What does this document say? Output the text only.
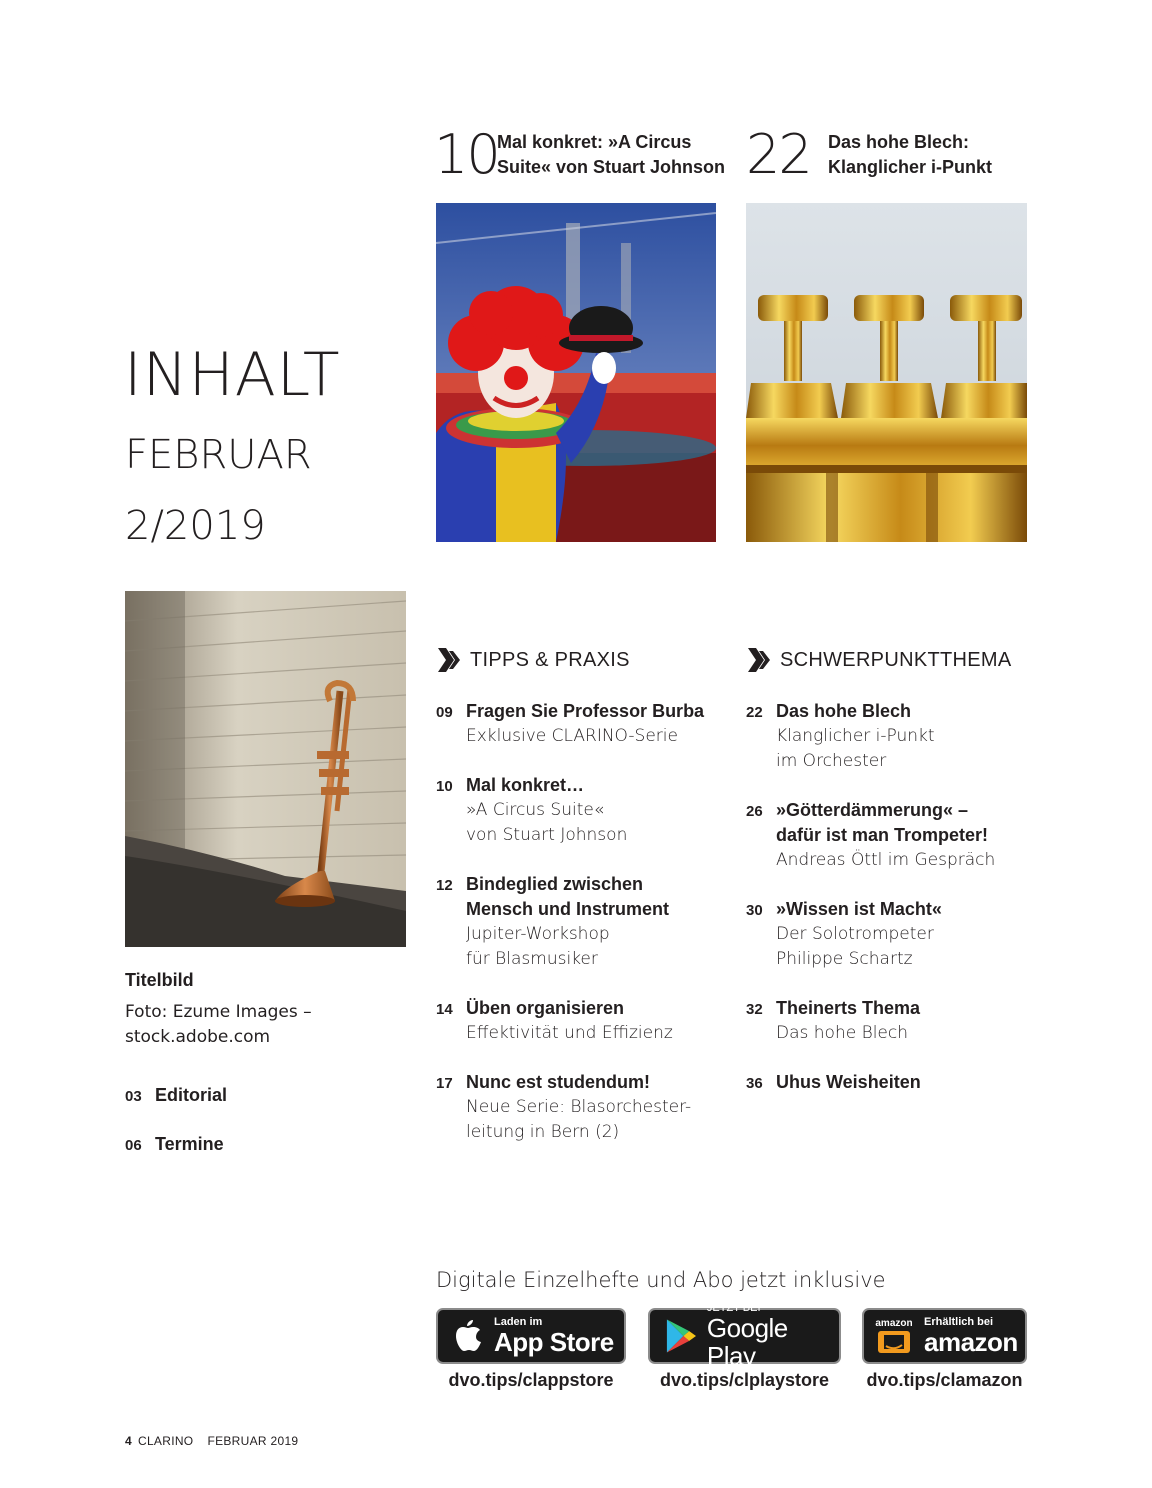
10
Mal konkret: »A Circus
Suite« von Stuart Johnson 22 Das hohe Blech:
Klanglicher i-Punkt
INHALT
FEBRUAR
2/2019
Titelbild
Foto: Ezume Images –
stock.adobe.com
03 Editorial
06 Termine
TIPPS & PRAXIS
09 Fragen Sie Professor Burba
Exklusive CLARINO-Serie
10 Mal konkret…
»A Circus Suite«
von Stuart Johnson
12 Bindeglied zwischen
Mensch und Instrument
Jupiter-Workshop
für Blasmusiker
14 Üben organisieren
Effektivität und Effizienz
17 Nunc est studendum!
Neue Serie: Blasorchester-
leitung in Bern (2)
SCHWERPUNKTTHEMA
22 Das hohe Blech
Klanglicher i-Punkt
im Orchester
26 »Götterdämmerung« –
dafür ist man Trompeter!
Andreas Öttl im Gespräch
30 »Wissen ist Macht«
Der Solotrompeter
Philippe Schartz
32 Theinerts Thema
Das hohe Blech
36 Uhus Weisheiten
Digitale Einzelhefte und Abo jetzt inklusive
Laden im
App Store
JETZT BEI
Google Play
amazon Erhältlich bei
amazon
dvo.tips/clappstore	dvo.tips/clplaystore	dvo.tips/clamazon
4 CLARINO FEBRUAR 2019
